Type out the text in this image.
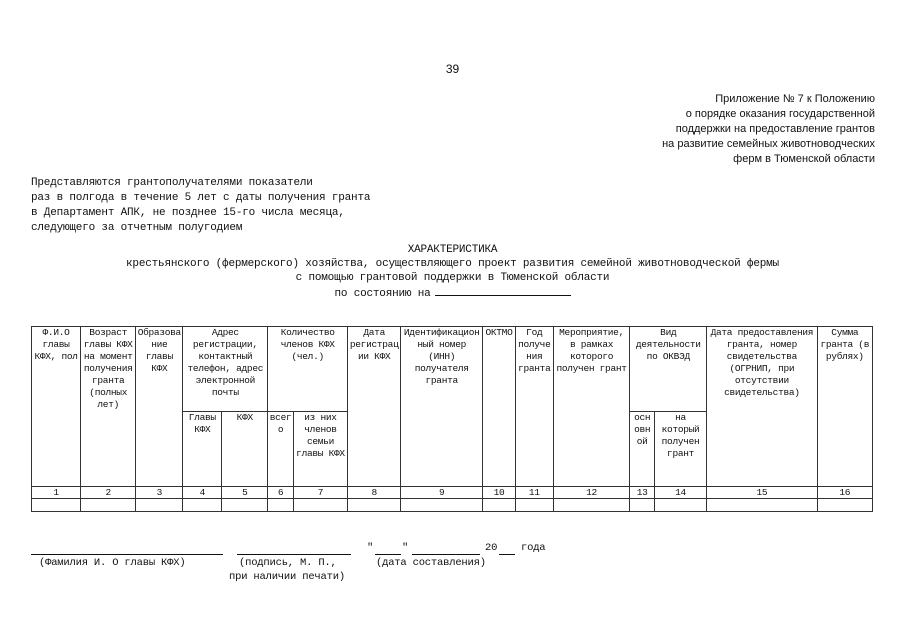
39
Приложение № 7 к Положению
о порядке оказания государственной
поддержки на предоставление грантов
на развитие семейных животноводческих
ферм в Тюменской области
Представляются грантополучателями показатели
раз в полгода в течение 5 лет с даты получения гранта
в Департамент АПК, не позднее 15-го числа месяца,
следующего за отчетным полугодием
ХАРАКТЕРИСТИКА
крестьянского (фермерского) хозяйства, осуществляющего проект развития семейной животноводческой фермы
с помощью грантовой поддержки в Тюменской области
по состоянию на
Ф.И.О главы КФХ, пол	Возраст главы КФХ на момент получения гранта (полных лет)	Образование главы КФХ	Адрес регистрации, контактный телефон, адрес электронной почты		Количество членов КФХ (чел.)		Дата регистрации КФХ	Идентификационный номер (ИНН) получателя гранта	ОКТМО	Год получения гранта	Мероприятие, в рамках которого получен грант	Вид деятельности по ОКВЭД		Дата предоставления гранта, номер свидетельства (ОГРНИП, при отсутствии свидетельства)	Сумма гранта (в рублях)
			Главы КФХ	КФХ	всего	из них членов семьи главы КФХ						основной	на который получен грант		
1	2	3	4	5	6	7	8	9	10	11	12	13	14	15	16

(Фамилия И. О главы КФХ)	(подпись, М. П.,
при наличии печати)
"	"	20 года
(дата составления)
